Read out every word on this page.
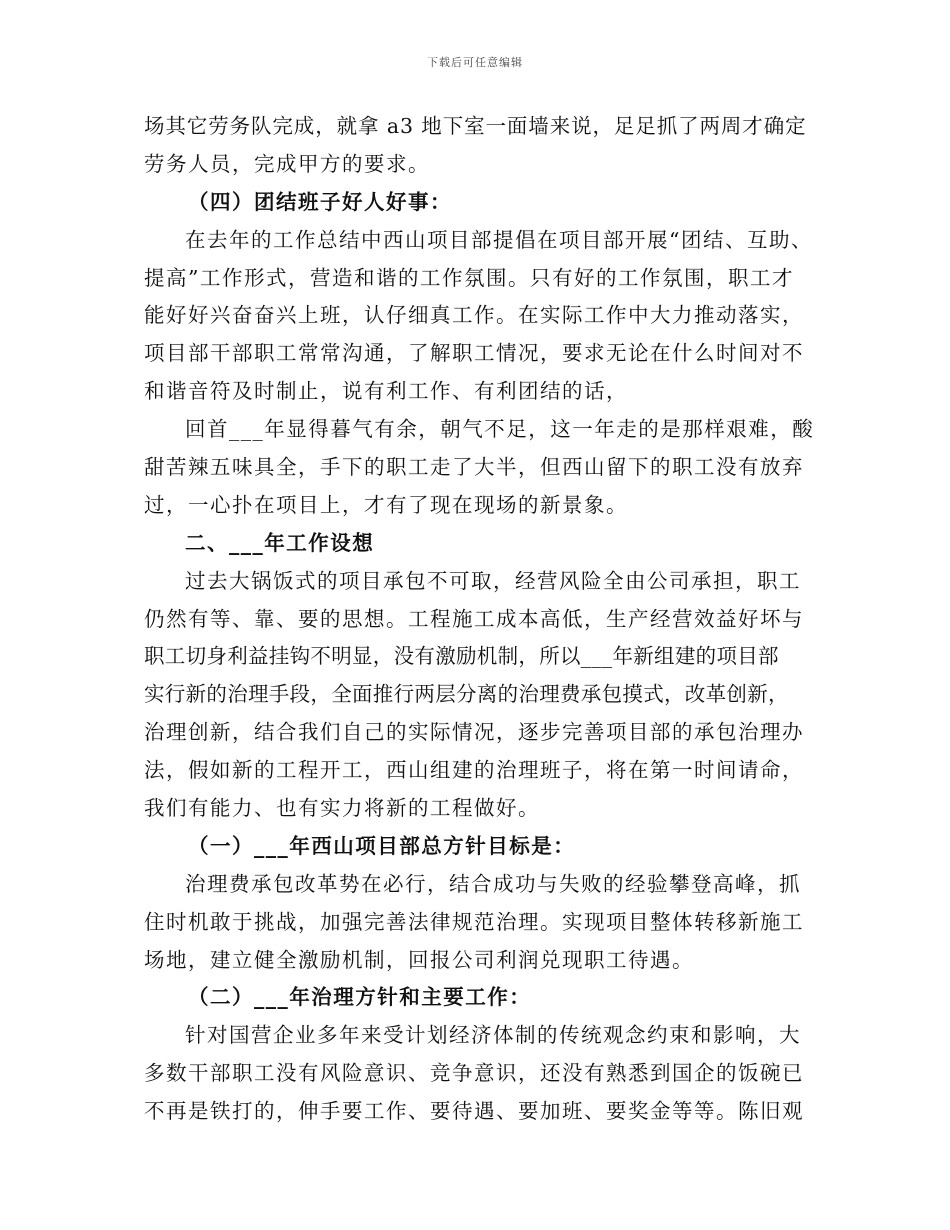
下载后可任意编辑
场其它劳务队完成，就拿 a3 地下室一面墙来说，足足抓了两周才确定
劳务人员，完成甲方的要求。
（四）团结班子好人好事：
在去年的工作总结中西山项目部提倡在项目部开展“团结、互助、
提高”工作形式，营造和谐的工作氛围。只有好的工作氛围，职工才
能好好兴奋奋兴上班，认仔细真工作。在实际工作中大力推动落实，
项目部干部职工常常沟通，了解职工情况，要求无论在什么时间对不
和谐音符及时制止，说有利工作、有利团结的话，
回首___年显得暮气有余，朝气不足，这一年走的是那样艰难，酸
甜苦辣五味具全，手下的职工走了大半，但西山留下的职工没有放弃
过，一心扑在项目上，才有了现在现场的新景象。
二、___年工作设想
过去大锅饭式的项目承包不可取，经营风险全由公司承担，职工
仍然有等、靠、要的思想。工程施工成本高低，生产经营效益好坏与
职工切身利益挂钩不明显，没有激励机制，所以___年新组建的项目部
实行新的治理手段，全面推行两层分离的治理费承包摸式，改革创新，
治理创新，结合我们自己的实际情况，逐步完善项目部的承包治理办
法，假如新的工程开工，西山组建的治理班子，将在第一时间请命，
我们有能力、也有实力将新的工程做好。
（一）___年西山项目部总方针目标是：
治理费承包改革势在必行，结合成功与失败的经验攀登高峰，抓
住时机敢于挑战，加强完善法律规范治理。实现项目整体转移新施工
场地，建立健全激励机制，回报公司利润兑现职工待遇。
（二）___年治理方针和主要工作：
针对国营企业多年来受计划经济体制的传统观念约束和影响，大
多数干部职工没有风险意识、竞争意识，还没有熟悉到国企的饭碗已
不再是铁打的，伸手要工作、要待遇、要加班、要奖金等等。陈旧观
